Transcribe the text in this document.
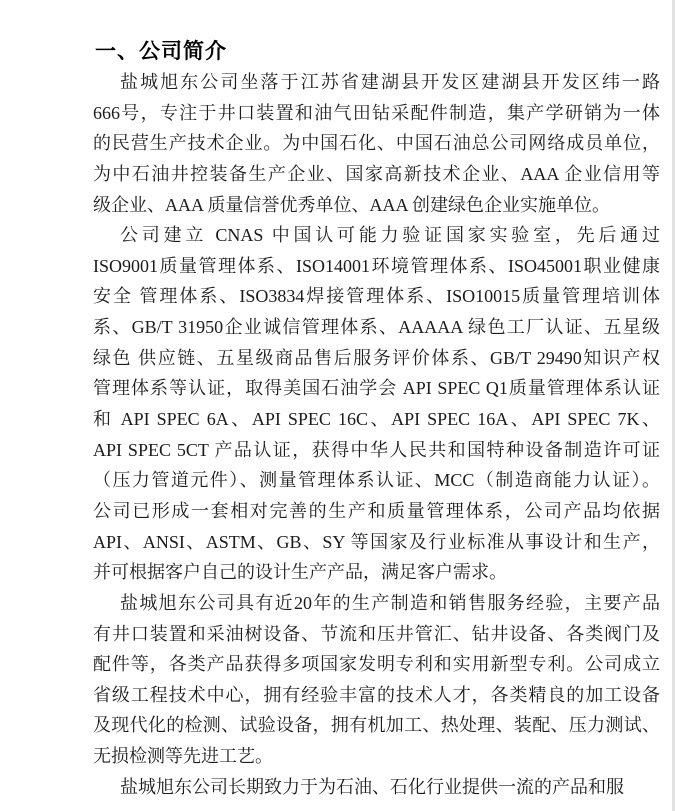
一、公司简介
盐城旭东公司坐落于江苏省建湖县开发区建湖县开发区纬一路
666号，专注于井口装置和油气田钻采配件制造，集产学研销为一体
的民营生产技术企业。为中国石化、中国石油总公司网络成员单位，
为中石油井控装备生产企业、国家高新技术企业、AAA 企业信用等
级企业、AAA 质量信誉优秀单位、AAA 创建绿色企业实施单位。
公司建立 CNAS 中国认可能力验证国家实验室，先后通过
ISO9001质量管理体系、ISO14001环境管理体系、ISO45001职业健康
安全 管理体系、ISO3834焊接管理体系、ISO10015质量管理培训体
系、GB/T 31950企业诚信管理体系、AAAAA 绿色工厂认证、五星级
绿色 供应链、五星级商品售后服务评价体系、GB/T 29490知识产权
管理体系等认证，取得美国石油学会 API SPEC Q1质量管理体系认证
和 API SPEC 6A、API SPEC 16C、API SPEC 16A、API SPEC 7K、
API SPEC 5CT 产品认证，获得中华人民共和国特种设备制造许可证
（压力管道元件）、测量管理体系认证、MCC（制造商能力认证）。
公司已形成一套相对完善的生产和质量管理体系，公司产品均依据
API、ANSI、ASTM、GB、SY 等国家及行业标准从事设计和生产，
并可根据客户自己的设计生产产品，满足客户需求。
盐城旭东公司具有近20年的生产制造和销售服务经验，主要产品
有井口装置和采油树设备、节流和压井管汇、钻井设备、各类阀门及
配件等，各类产品获得多项国家发明专利和实用新型专利。公司成立
省级工程技术中心，拥有经验丰富的技术人才，各类精良的加工设备
及现代化的检测、试验设备，拥有机加工、热处理、装配、压力测试、
无损检测等先进工艺。
盐城旭东公司长期致力于为石油、石化行业提供一流的产品和服
